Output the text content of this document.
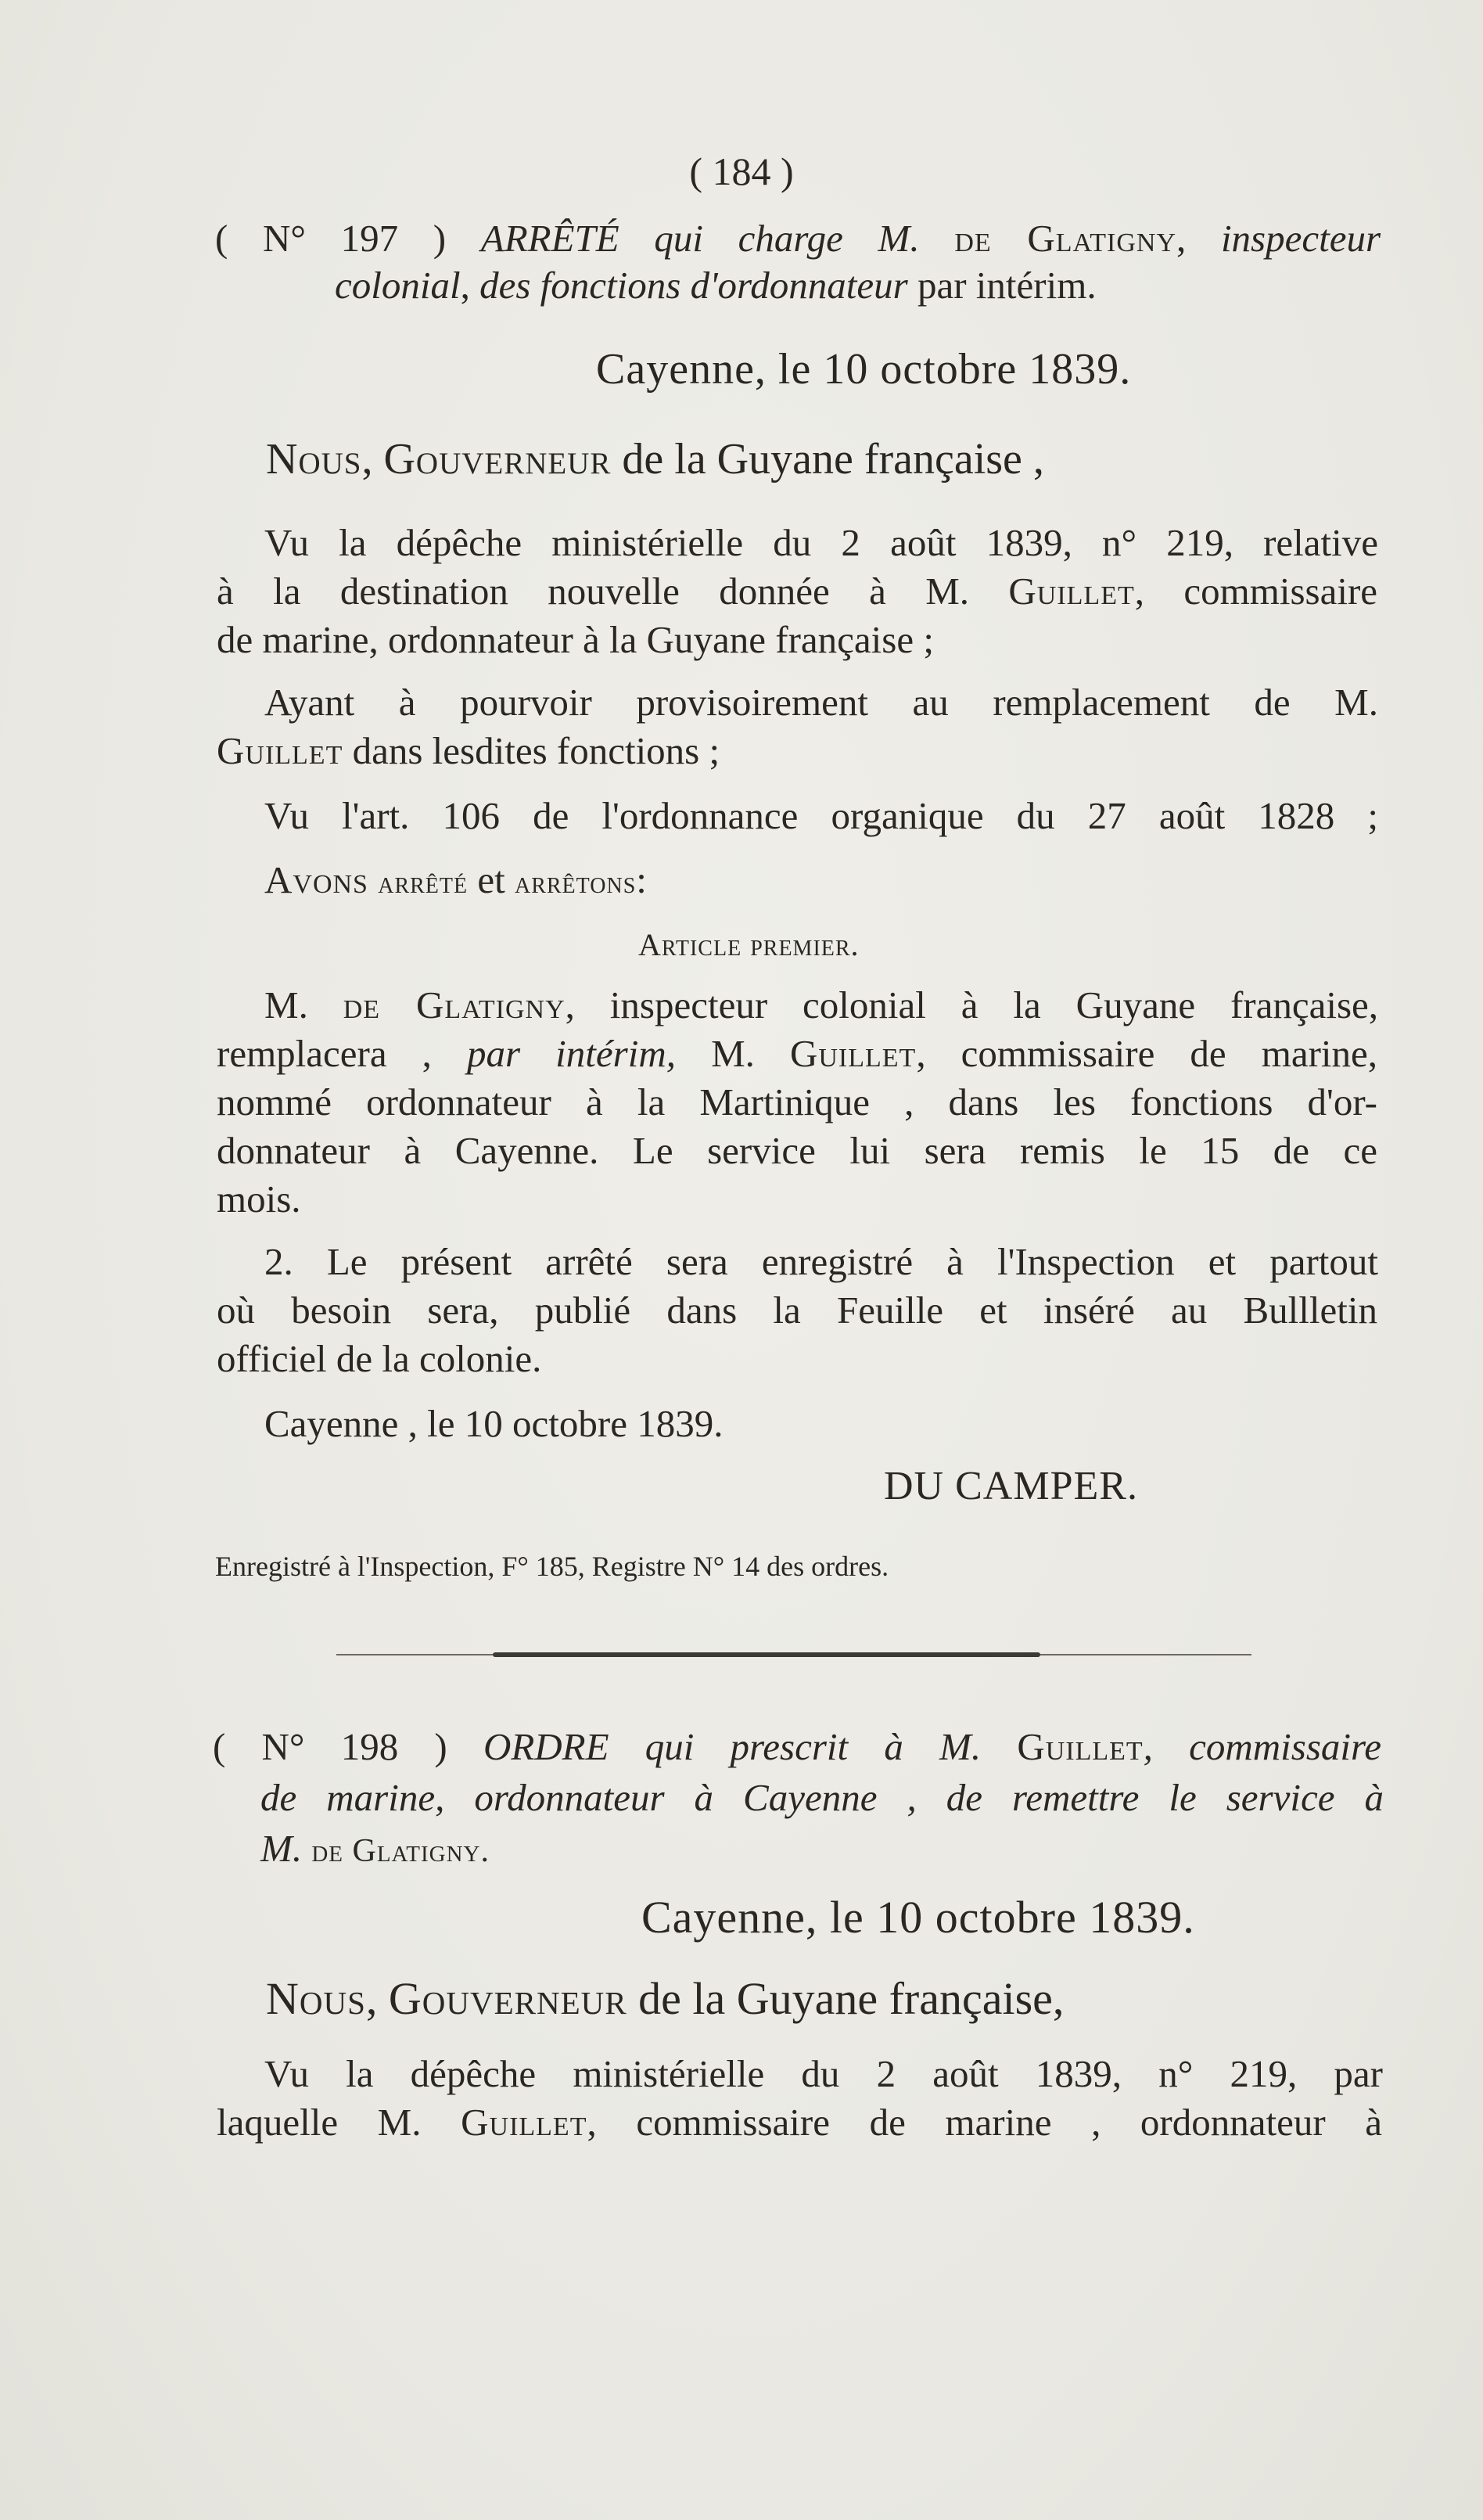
( 184 )
( N° 197 ) ARRÊTÉ qui charge M. de Glatigny, inspecteur
colonial, des fonctions d'ordonnateur par intérim.
Cayenne, le 10 octobre 1839.
Nous, Gouverneur de la Guyane française ,
Vu la dépêche ministérielle du 2 août 1839, n° 219, relative
à la destination nouvelle donnée à M. Guillet, commissaire
de marine, ordonnateur à la Guyane française ;
Ayant à pourvoir provisoirement au remplacement de M.
Guillet dans lesdites fonctions ;
Vu l'art. 106 de l'ordonnance organique du 27 août 1828 ;
Avons arrêté et arrêtons:
Article premier.
M. de Glatigny, inspecteur colonial à la Guyane française,
remplacera , par intérim, M. Guillet, commissaire de marine,
nommé ordonnateur à la Martinique , dans les fonctions d'or-
donnateur à Cayenne. Le service lui sera remis le 15 de ce
mois.
2. Le présent arrêté sera enregistré à l'Inspection et partout
où besoin sera, publié dans la Feuille et inséré au Bullletin
officiel de la colonie.
Cayenne , le 10 octobre 1839.
DU CAMPER.
Enregistré à l'Inspection, F° 185, Registre N° 14 des ordres.
( N° 198 ) ORDRE qui prescrit à M. Guillet, commissaire
de marine, ordonnateur à Cayenne , de remettre le service à
M. de Glatigny.
Cayenne, le 10 octobre 1839.
Nous, Gouverneur de la Guyane française,
Vu la dépêche ministérielle du 2 août 1839, n° 219, par
laquelle M. Guillet, commissaire de marine , ordonnateur à
